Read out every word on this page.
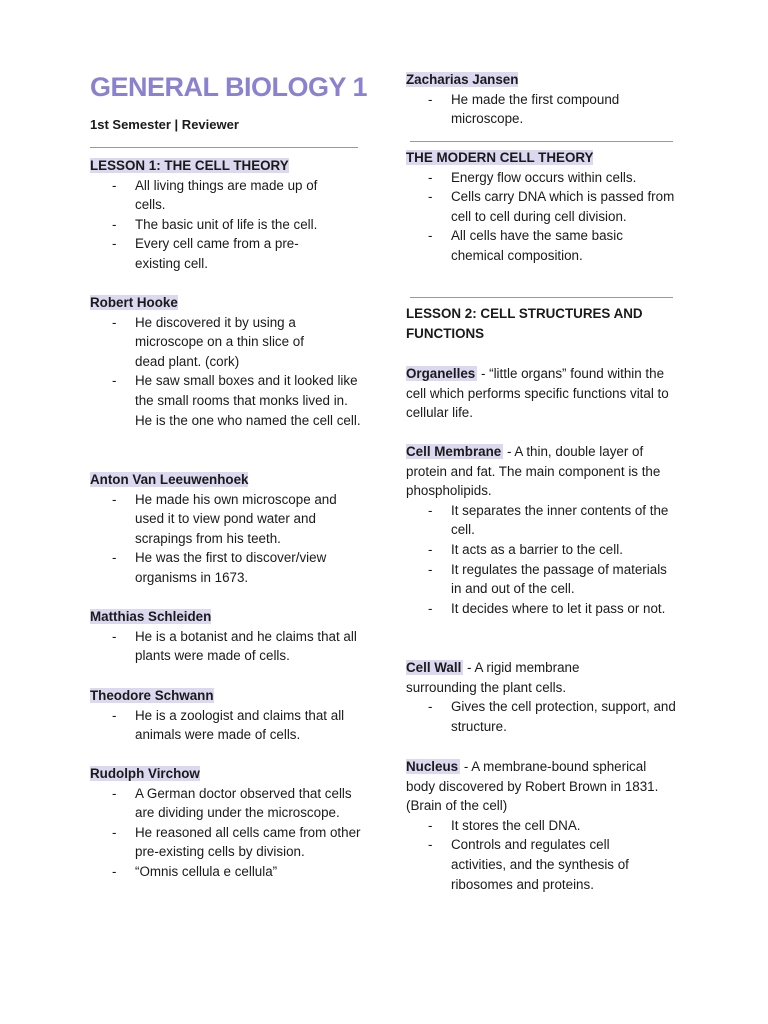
GENERAL BIOLOGY 1

1st Semester | Reviewer

LESSON 1: THE CELL THEORY

- All living things are made up of cells.
- The basic unit of life is the cell.
- Every cell came from a pre-existing cell.

Robert Hooke

- He discovered it by using a microscope on a thin slice of dead plant. (cork)
- He saw small boxes and it looked like the small rooms that monks lived in. He is the one who named the cell cell.

Anton Van Leeuwenhoek

- He made his own microscope and used it to view pond water and scrapings from his teeth.
- He was the first to discover/view organisms in 1673.

Matthias Schleiden

- He is a botanist and he claims that all plants were made of cells.

Theodore Schwann

- He is a zoologist and claims that all animals were made of cells.

Rudolph Virchow

- A German doctor observed that cells are dividing under the microscope.
- He reasoned all cells came from other pre-existing cells by division.
- “Omnis cellula e cellula”

Zacharias Jansen

- He made the first compound microscope.

THE MODERN CELL THEORY

- Energy flow occurs within cells.
- Cells carry DNA which is passed from cell to cell during cell division.
- All cells have the same basic chemical composition.

LESSON 2: CELL STRUCTURES AND FUNCTIONS

Organelles - “little organs” found within the cell which performs specific functions vital to cellular life.

Cell Membrane - A thin, double layer of protein and fat. The main component is the phospholipids.

- It separates the inner contents of the cell.
- It acts as a barrier to the cell.
- It regulates the passage of materials in and out of the cell.
- It decides where to let it pass or not.

Cell Wall - A rigid membrane surrounding the plant cells.

- Gives the cell protection, support, and structure.

Nucleus - A membrane-bound spherical body discovered by Robert Brown in 1831. (Brain of the cell)

- It stores the cell DNA.
- Controls and regulates cell activities, and the synthesis of ribosomes and proteins.
